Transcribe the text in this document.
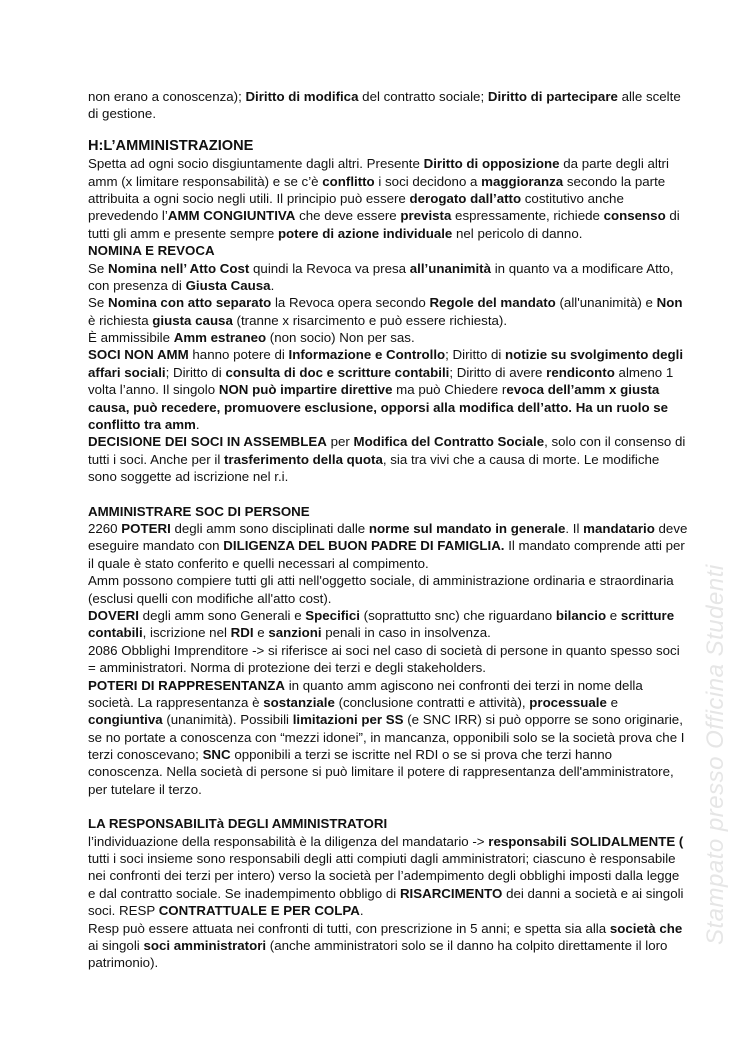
Stampato presso Officina Studenti
non erano a conoscenza); Diritto di modifica del contratto sociale; Diritto di partecipare alle scelte
di gestione.
H:L’AMMINISTRAZIONE
Spetta ad ogni socio disgiuntamente dagli altri. Presente Diritto di opposizione da parte degli altri
amm (x limitare responsabilità) e se c’è conflitto i soci decidono a maggioranza secondo la parte
attribuita a ogni socio negli utili. Il principio può essere derogato dall’atto costitutivo anche
prevedendo l’AMM CONGIUNTIVA che deve essere prevista espressamente, richiede consenso di
tutti gli amm e presente sempre potere di azione individuale nel pericolo di danno.
NOMINA E REVOCA
Se Nomina nell’ Atto Cost quindi la Revoca va presa all’unanimità in quanto va a modificare Atto,
con presenza di Giusta Causa.
Se Nomina con atto separato la Revoca opera secondo Regole del mandato (all'unanimità) e Non
è richiesta giusta causa (tranne x risarcimento e può essere richiesta).
È ammissibile Amm estraneo (non socio) Non per sas.
SOCI NON AMM hanno potere di Informazione e Controllo; Diritto di notizie su svolgimento degli
affari sociali; Diritto di consulta di doc e scritture contabili; Diritto di avere rendiconto almeno 1
volta l’anno. Il singolo NON può impartire direttive ma può Chiedere revoca dell’amm x giusta
causa, può recedere, promuovere esclusione, opporsi alla modifica dell’atto. Ha un ruolo se
conflitto tra amm.
DECISIONE DEI SOCI IN ASSEMBLEA per Modifica del Contratto Sociale, solo con il consenso di
tutti i soci. Anche per il trasferimento della quota, sia tra vivi che a causa di morte. Le modifiche
sono soggette ad iscrizione nel r.i.
AMMINISTRARE SOC DI PERSONE
2260 POTERI degli amm sono disciplinati dalle norme sul mandato in generale. Il mandatario deve
eseguire mandato con DILIGENZA DEL BUON PADRE DI FAMIGLIA. Il mandato comprende atti per
il quale è stato conferito e quelli necessari al compimento.
Amm possono compiere tutti gli atti nell'oggetto sociale, di amministrazione ordinaria e straordinaria
(esclusi quelli con modifiche all'atto cost).
DOVERI degli amm sono Generali e Specifici (soprattutto snc) che riguardano bilancio e scritture
contabili, iscrizione nel RDI e sanzioni penali in caso in insolvenza.
2086 Obblighi Imprenditore -> si riferisce ai soci nel caso di società di persone in quanto spesso soci
= amministratori. Norma di protezione dei terzi e degli stakeholders.
POTERI DI RAPPRESENTANZA in quanto amm agiscono nei confronti dei terzi in nome della
società. La rappresentanza è sostanziale (conclusione contratti e attività), processuale e
congiuntiva (unanimità). Possibili limitazioni per SS (e SNC IRR) si può opporre se sono originarie,
se no portate a conoscenza con “mezzi idonei”, in mancanza, opponibili solo se la società prova che I
terzi conoscevano; SNC opponibili a terzi se iscritte nel RDI o se si prova che terzi hanno
conoscenza. Nella società di persone si può limitare il potere di rappresentanza dell'amministratore,
per tutelare il terzo.
LA RESPONSABILITà DEGLI AMMINISTRATORI
l’individuazione della responsabilità è la diligenza del mandatario -> responsabili SOLIDALMENTE (
tutti i soci insieme sono responsabili degli atti compiuti dagli amministratori; ciascuno è responsabile
nei confronti dei terzi per intero) verso la società per l’adempimento degli obblighi imposti dalla legge
e dal contratto sociale. Se inadempimento obbligo di RISARCIMENTO dei danni a società e ai singoli
soci. RESP CONTRATTUALE E PER COLPA.
Resp può essere attuata nei confronti di tutti, con prescrizione in 5 anni; e spetta sia alla società che
ai singoli soci amministratori (anche amministratori solo se il danno ha colpito direttamente il loro
patrimonio).
